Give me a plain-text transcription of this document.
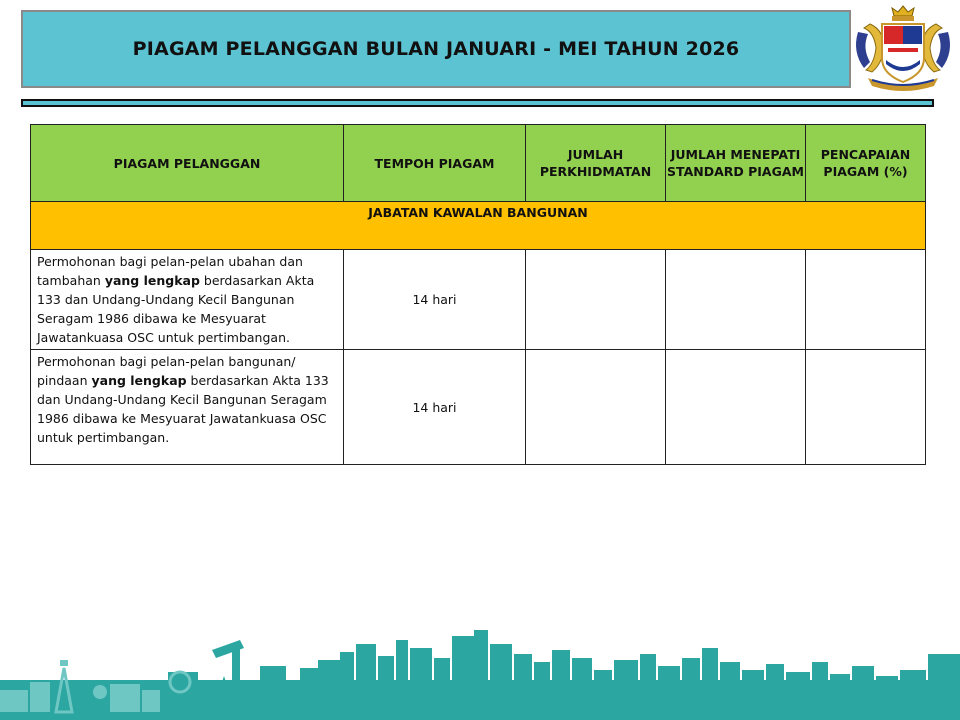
PIAGAM PELANGGAN BULAN JANUARI - MEI TAHUN 2026
PIAGAM PELANGGAN	TEMPOH PIAGAM	JUMLAH PERKHIDMATAN	JUMLAH MENEPATI STANDARD PIAGAM	PENCAPAIAN PIAGAM (%)
JABATAN KAWALAN BANGUNAN				
Permohonan bagi pelan-pelan ubahan dan tambahan yang lengkap berdasarkan Akta 133 dan Undang-Undang Kecil Bangunan Seragam 1986 dibawa ke Mesyuarat Jawatankuasa OSC untuk pertimbangan.	14 hari			
Permohonan bagi pelan-pelan bangunan/ pindaan yang lengkap berdasarkan Akta 133 dan Undang-Undang Kecil Bangunan Seragam 1986 dibawa ke Mesyuarat Jawatankuasa OSC untuk pertimbangan.	14 hari			
